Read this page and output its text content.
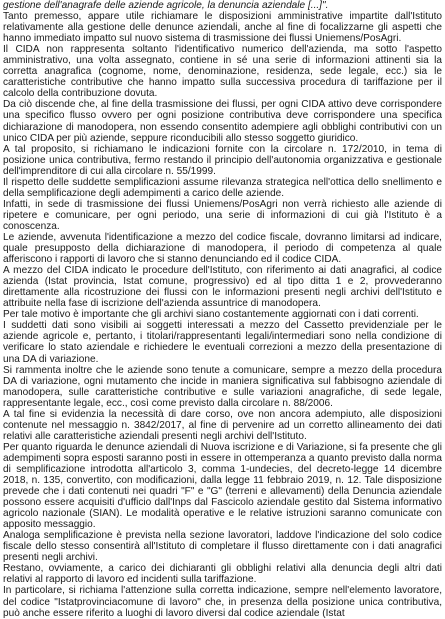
gestione dell'anagrafe delle aziende agricole, la denuncia aziendale [...]".

Tanto premesso, appare utile richiamare le disposizioni amministrative impartite dall'Istituto relativamente alla gestione delle denunce aziendali, anche al fine di focalizzarne gli aspetti che hanno immediato impatto sul nuovo sistema di trasmissione dei flussi Uniemens/PosAgri.

Il CIDA non rappresenta soltanto l'identificativo numerico dell'azienda, ma sotto l'aspetto amministrativo, una volta assegnato, contiene in sé una serie di informazioni attinenti sia la corretta anagrafica (cognome, nome, denominazione, residenza, sede legale, ecc.) sia le caratteristiche contributive che hanno impatto sulla successiva procedura di tariffazione per il calcolo della contribuzione dovuta.

Da ciò discende che, al fine della trasmissione dei flussi, per ogni CIDA attivo deve corrispondere una specifico flusso ovvero per ogni posizione contributiva deve corrispondere una specifica dichiarazione di manodopera, non essendo consentito adempiere agli obblighi contributivi con un unico CIDA per più aziende, seppure riconducibili allo stesso soggetto giuridico.

A tal proposito, si richiamano le indicazioni fornite con la circolare n. 172/2010, in tema di posizione unica contributiva, fermo restando il principio dell'autonomia organizzativa e gestionale dell'imprenditore di cui alla circolare n. 55/1999.

Il rispetto delle suddette semplificazioni assume rilevanza strategica nell'ottica dello snellimento e della semplificazione degli adempimenti a carico delle aziende.

Infatti, in sede di trasmissione dei flussi Uniemens/PosAgri non verrà richiesto alle aziende di ripetere e comunicare, per ogni periodo, una serie di informazioni di cui già l'Istituto è a conoscenza.

Le aziende, avvenuta l'identificazione a mezzo del codice fiscale, dovranno limitarsi ad indicare, quale presupposto della dichiarazione di manodopera, il periodo di competenza al quale afferiscono i rapporti di lavoro che si stanno denunciando ed il codice CIDA.

A mezzo del CIDA indicato le procedure dell'Istituto, con riferimento ai dati anagrafici, al codice azienda (Istat provincia, Istat comune, progressivo) ed al tipo ditta 1 e 2, provvederanno direttamente alla ricostruzione dei flussi con le informazioni presenti negli archivi dell'Istituto e attribuite nella fase di iscrizione dell'azienda assuntrice di manodopera.

Per tale motivo è importante che gli archivi siano costantemente aggiornati con i dati correnti.

I suddetti dati sono visibili ai soggetti interessati a mezzo del Cassetto previdenziale per le aziende agricole e, pertanto, i titolari/rappresentanti legali/intermediari sono nella condizione di verificare lo stato aziendale e richiedere le eventuali correzioni a mezzo della presentazione di una DA di variazione.

Si rammenta inoltre che le aziende sono tenute a comunicare, sempre a mezzo della procedura DA di variazione, ogni mutamento che incide in maniera significativa sul fabbisogno aziendale di manodopera, sulle caratteristiche contributive e sulle variazioni anagrafiche, di sede legale, rappresentante legale, ecc., così come previsto dalla circolare n. 88/2006.

A tal fine si evidenzia la necessità di dare corso, ove non ancora adempiuto, alle disposizioni contenute nel messaggio n. 3842/2017, al fine di pervenire ad un corretto allineamento dei dati relativi alle caratteristiche aziendali presenti negli archivi dell'Istituto.

Per quanto riguarda le denunce aziendali di Nuova iscrizione e di Variazione, si fa presente che gli adempimenti sopra esposti saranno posti in essere in ottemperanza a quanto previsto dalla norma di semplificazione introdotta all'articolo 3, comma 1-undecies, del decreto-legge 14 dicembre 2018, n. 135, convertito, con modificazioni, dalla legge 11 febbraio 2019, n. 12. Tale disposizione prevede che i dati contenuti nei quadri "F" e "G" (terreni e allevamenti) della Denuncia aziendale possono essere acquisiti d'ufficio dall'Inps dal Fascicolo aziendale gestito dal Sistema informativo agricolo nazionale (SIAN). Le modalità operative e le relative istruzioni saranno comunicate con apposito messaggio.

Analoga semplificazione è prevista nella sezione lavoratori, laddove l'indicazione del solo codice fiscale dello stesso consentirà all'Istituto di completare il flusso direttamente con i dati anagrafici presenti negli archivi.

Restano, ovviamente, a carico dei dichiaranti gli obblighi relativi alla denuncia degli altri dati relativi al rapporto di lavoro ed incidenti sulla tariffazione.

In particolare, si richiama l'attenzione sulla corretta indicazione, sempre nell'elemento lavoratore, del codice "Istatprovinciacomune di lavoro" che, in presenza della posizione unica contributiva, può anche essere riferito a luoghi di lavoro diversi dal codice aziendale (Istat
